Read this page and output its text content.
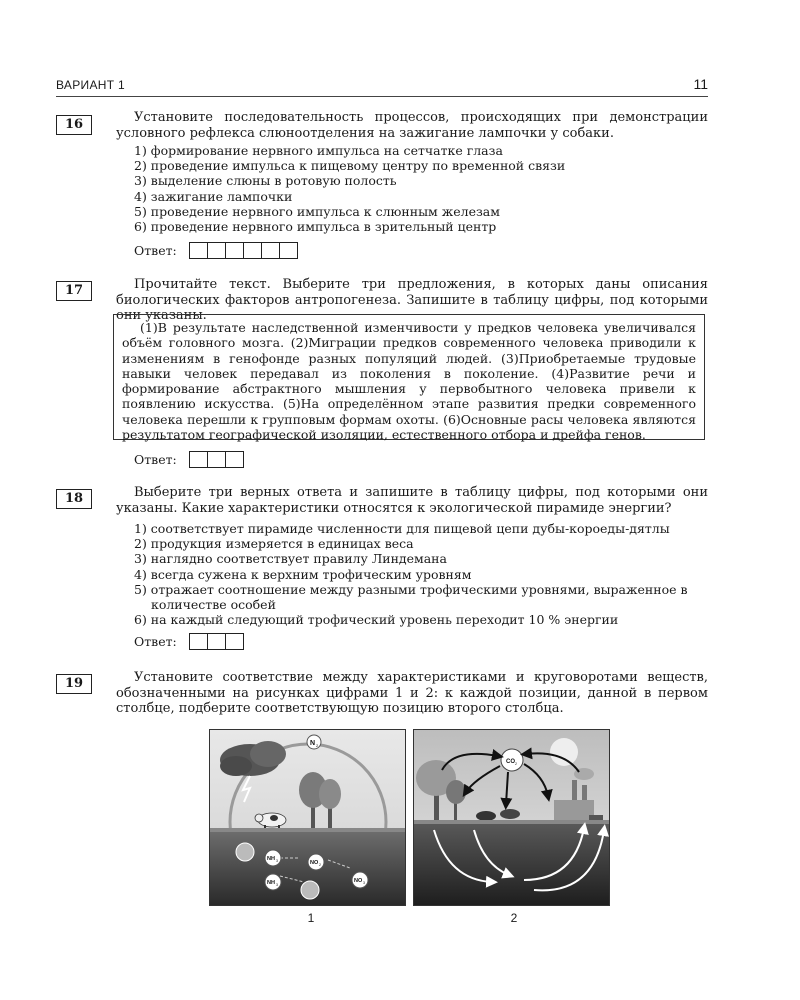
ВАРИАНТ 1	11
16	Установите последовательность процессов, происходящих при демонстрации условного рефлекса слюноотделения на зажигание лампочки у собаки.
1) формирование нервного импульса на сетчатке глаза
2) проведение импульса к пищевому центру по временной связи
3) выделение слюны в ротовую полость
4) зажигание лампочки
5) проведение нервного импульса к слюнным железам
6) проведение нервного импульса в зрительный центр
Ответ:
17	Прочитайте текст. Выберите три предложения, в которых даны описания биологических факторов антропогенеза. Запишите в таблицу цифры, под которыми они указаны.
(1)В результате наследственной изменчивости у предков человека увеличивался объём головного мозга. (2)Миграции предков современного человека приводили к изменениям в генофонде разных популяций людей. (3)Приобретаемые трудовые навыки человек передавал из поколения в поколение. (4)Развитие речи и формирование абстрактного мышления у первобытного человека привели к появлению искусства. (5)На определённом этапе развития предки современного человека перешли к групповым формам охоты. (6)Основные расы человека являются результатом географической изоляции, естественного отбора и дрейфа генов.
Ответ:
18	Выберите три верных ответа и запишите в таблицу цифры, под которыми они указаны. Какие характеристики относятся к экологической пирамиде энергии?
1) соответствует пирамиде численности для пищевой цепи дубы-короеды-дятлы
2) продукция измеряется в единицах веса
3) наглядно соответствует правилу Линдемана
4) всегда сужена к верхним трофическим уровням
5) отражает соотношение между разными трофическими уровнями, выраженное в количестве особей
6) на каждый следующий трофический уровень переходит 10 % энергии
Ответ:
19	Установите соответствие между характеристиками и круговоротами веществ, обозначенными на рисунках цифрами 1 и 2: к каждой позиции, данной в первом столбце, подберите соответствующую позицию второго столбца.
N 2
NH 3	NO 2
NH 3
NO 3
1
CO 2
2
